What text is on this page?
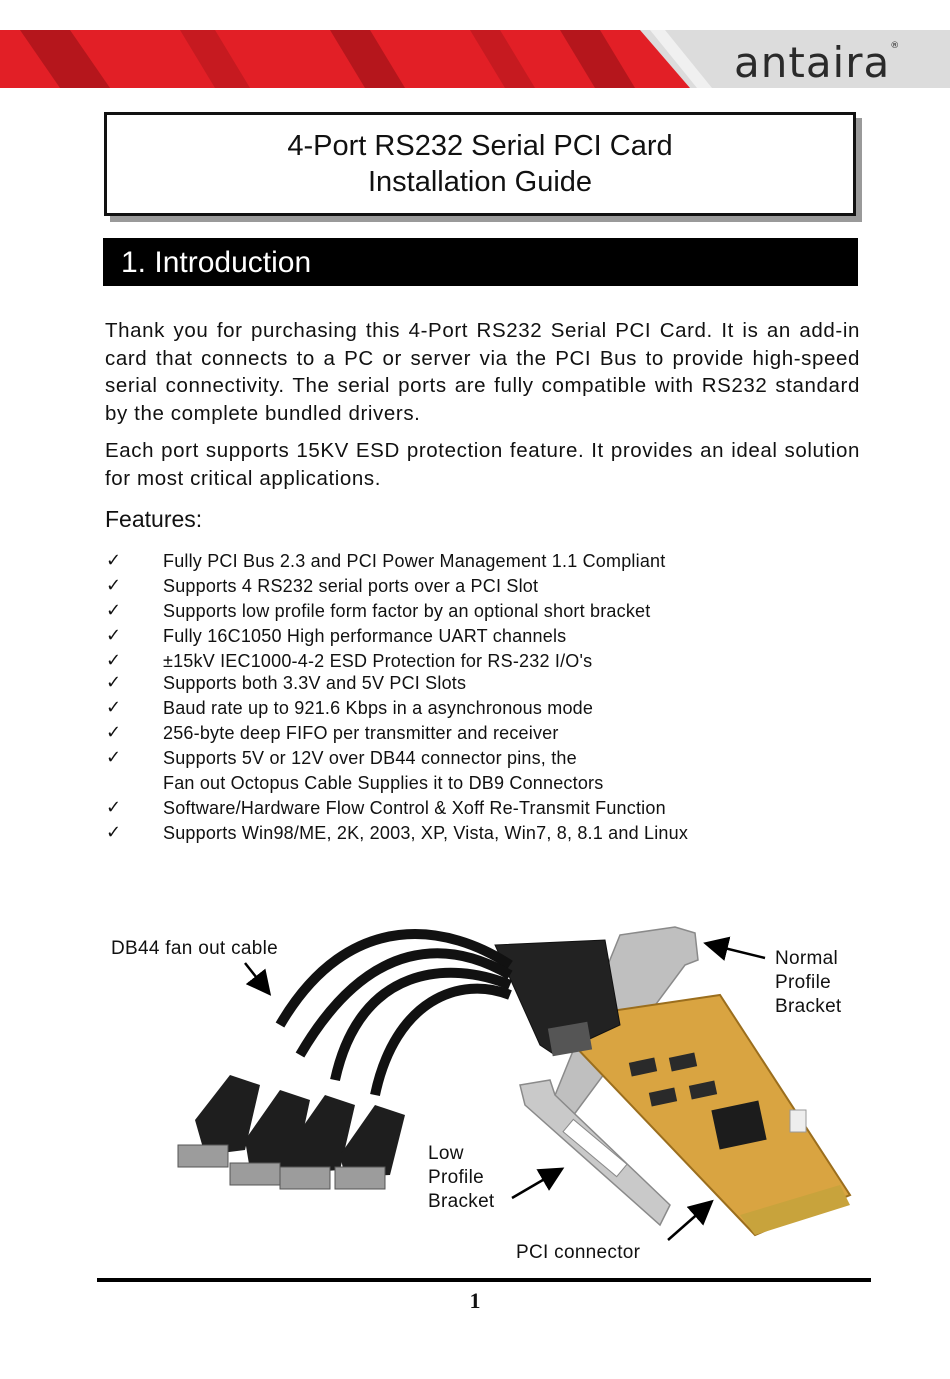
antaira ®
4-Port RS232 Serial PCI Card
Installation Guide
1. Introduction
Thank you for purchasing this 4-Port RS232 Serial PCI Card. It is an add-in card that connects to a PC or server via the PCI Bus to provide high-speed serial connectivity. The serial ports are fully compatible with RS232 standard by the complete bundled drivers.
Each port supports 15KV ESD protection feature. It provides an ideal solution for most critical applications.
Features:
✓ Fully PCI Bus 2.3 and PCI Power Management 1.1 Compliant
✓ Supports 4 RS232 serial ports over a PCI Slot
✓ Supports low profile form factor by an optional short bracket
✓ Fully 16C1050 High performance UART channels
✓ ±15kV IEC1000-4-2 ESD Protection for RS-232 I/O's
✓ Supports both 3.3V and 5V PCI Slots
✓ Baud rate up to 921.6 Kbps in a asynchronous mode
✓ 256-byte deep FIFO per transmitter and receiver
✓ Supports 5V or 12V over DB44 connector pins, the
Fan out Octopus Cable Supplies it to DB9 Connectors
✓ Software/Hardware Flow Control & Xoff Re-Transmit Function
✓ Supports Win98/ME, 2K, 2003, XP, Vista, Win7, 8, 8.1 and Linux
DB44 fan out cable	Normal
Profile
Bracket
Low
Profile
Bracket
PCI connector
1
